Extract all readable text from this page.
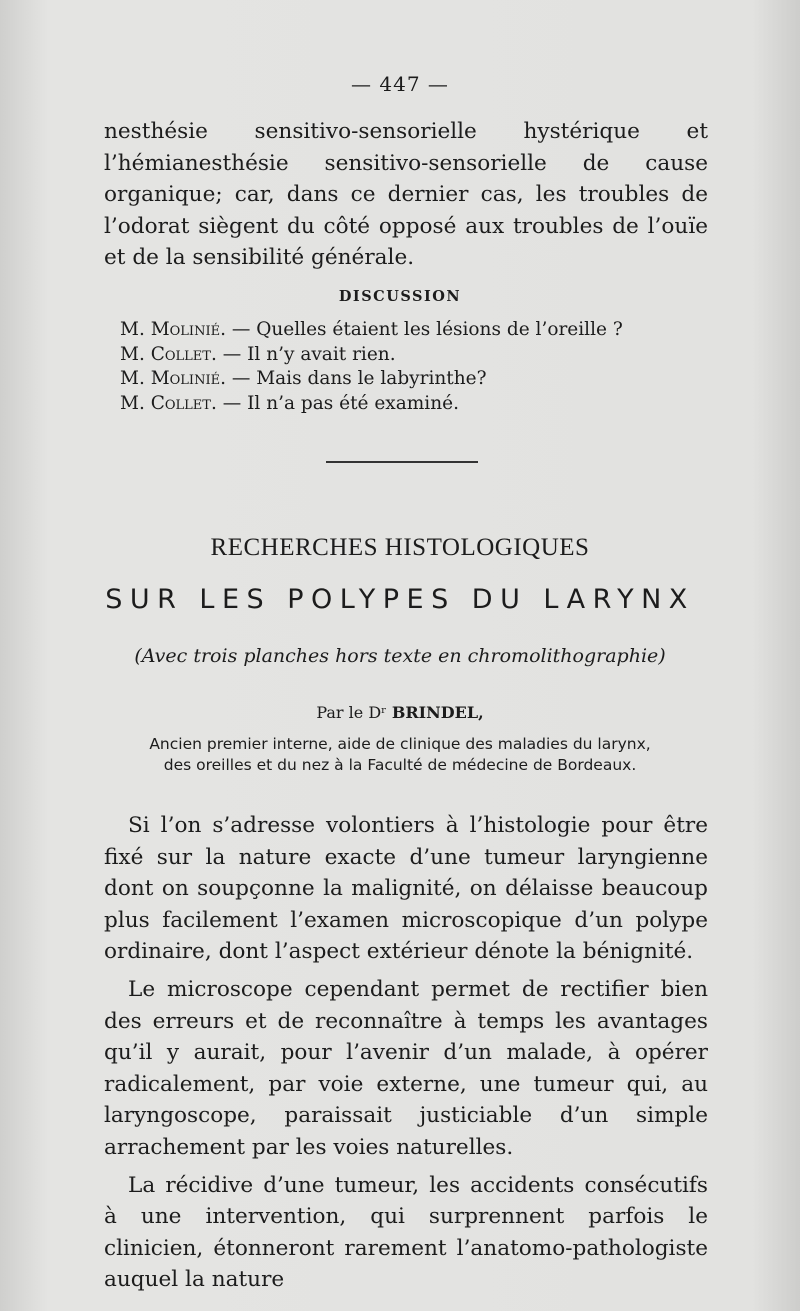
— 447 —

nesthésie sensitivo-sensorielle hystérique et l’hémianesthésie sensitivo-sensorielle de cause organique; car, dans ce dernier cas, les troubles de l’odorat siègent du côté opposé aux troubles de l’ouïe et de la sensibilité générale.

DISCUSSION
M. Molinié. — Quelles étaient les lésions de l’oreille ?
M. Collet. — Il n’y avait rien.
M. Molinié. — Mais dans le labyrinthe?
M. Collet. — Il n’a pas été examiné.
RECHERCHES HISTOLOGIQUES
SUR LES POLYPES DU LARYNX
(Avec trois planches hors texte en chromolithographie)
Par le Dʳ BRINDEL,
Ancien premier interne, aide de clinique des maladies du larynx,
des oreilles et du nez à la Faculté de médecine de Bordeaux.

Si l’on s’adresse volontiers à l’histologie pour être fixé sur la nature exacte d’une tumeur laryngienne dont on soupçonne la malignité, on délaisse beaucoup plus facilement l’examen microscopique d’un polype ordinaire, dont l’aspect extérieur dénote la bénignité.

Le microscope cependant permet de rectifier bien des erreurs et de reconnaître à temps les avantages qu’il y aurait, pour l’avenir d’un malade, à opérer radicalement, par voie externe, une tumeur qui, au laryngoscope, paraissait justiciable d’un simple arrachement par les voies naturelles.

La récidive d’une tumeur, les accidents consécutifs à une intervention, qui surprennent parfois le clinicien, étonneront rarement l’anatomo-pathologiste auquel la nature
